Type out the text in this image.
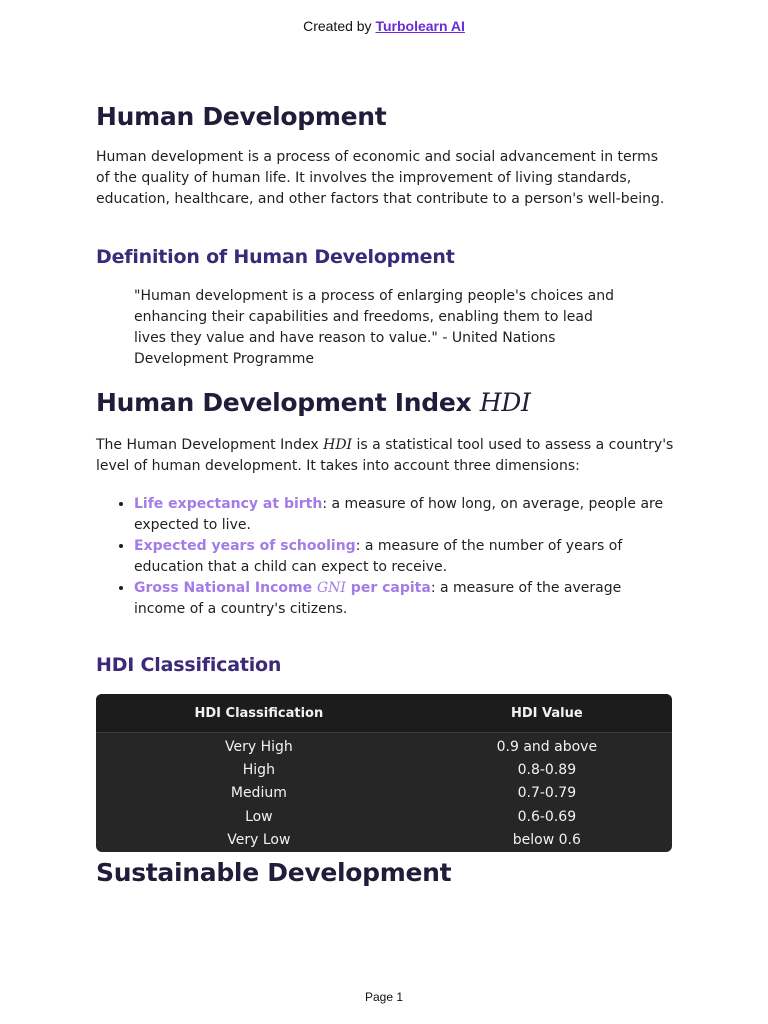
Created by Turbolearn AI
Human Development

Human development is a process of economic and social advancement in terms of the quality of human life. It involves the improvement of living standards, education, healthcare, and other factors that contribute to a person's well-being.

Definition of Human Development
"Human development is a process of enlarging people's choices and enhancing their capabilities and freedoms, enabling them to lead lives they value and have reason to value." - United Nations Development Programme
Human Development Index HDI

The Human Development Index HDI is a statistical tool used to assess a country's level of human development. It takes into account three dimensions:

• Life expectancy at birth: a measure of how long, on average, people are expected to live.
• Expected years of schooling: a measure of the number of years of education that a child can expect to receive.
• Gross National Income GNI per capita: a measure of the average income of a country's citizens.
HDI Classification
HDI Classification	HDI Value
Very High	0.9 and above
High	0.8-0.89
Medium	0.7-0.79
Low	0.6-0.69
Very Low	below 0.6
Sustainable Development
Page 1
